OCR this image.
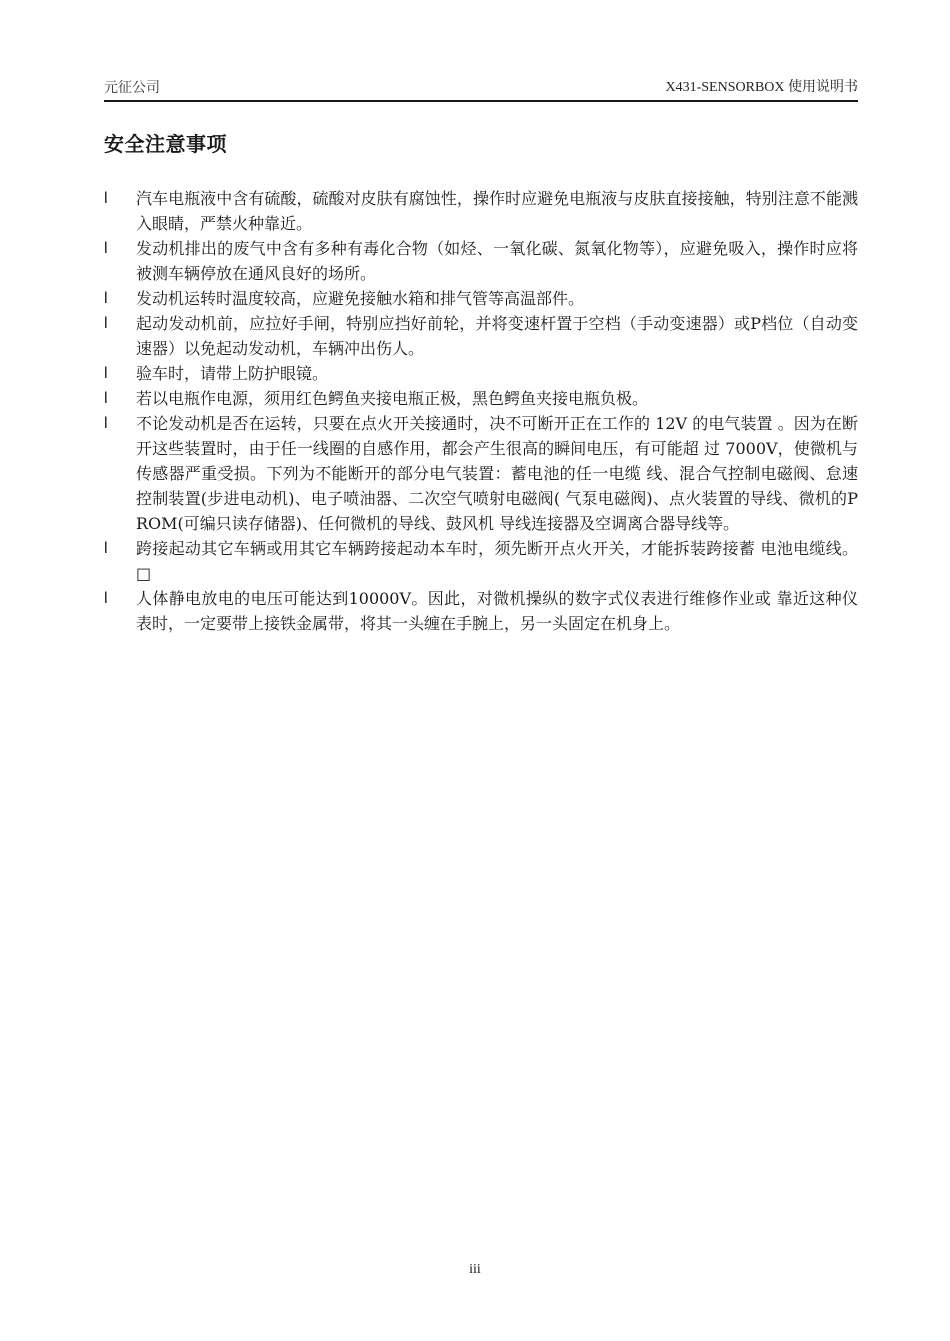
元征公司	X431-SENSORBOX 使用说明书
安全注意事项
l	汽车电瓶液中含有硫酸，硫酸对皮肤有腐蚀性，操作时应避免电瓶液与皮肤直接接触，特别注意不能溅入眼睛，严禁火种靠近。
l	发动机排出的废气中含有多种有毒化合物（如烃、一氧化碳、氮氧化物等），应避免吸入，操作时应将被测车辆停放在通风良好的场所。
l	发动机运转时温度较高，应避免接触水箱和排气管等高温部件。
l	起动发动机前，应拉好手闸，特别应挡好前轮，并将变速杆置于空档（手动变速器）或P档位（自动变速器）以免起动发动机，车辆冲出伤人。
l	验车时，请带上防护眼镜。
l	若以电瓶作电源，须用红色鳄鱼夹接电瓶正极，黑色鳄鱼夹接电瓶负极。
l	不论发动机是否在运转，只要在点火开关接通时，决不可断开正在工作的 12V 的电气装置 。因为在断开这些装置时，由于任一线圈的自感作用，都会产生很高的瞬间电压，有可能超 过 7000V，使微机与传感器严重受损。下列为不能断开的部分电气装置：蓄电池的任一电缆 线、混合气控制电磁阀、怠速控制装置(步进电动机)、电子喷油器、二次空气喷射电磁阀( 气泵电磁阀)、点火装置的导线、微机的PROM(可编只读存储器)、任何微机的导线、鼓风机 导线连接器及空调离合器导线等。
l	跨接起动其它车辆或用其它车辆跨接起动本车时，须先断开点火开关，才能拆装跨接蓄 电池电缆线。□
l	人体静电放电的电压可能达到10000V。因此，对微机操纵的数字式仪表进行维修作业或 靠近这种仪表时，一定要带上接铁金属带，将其一头缠在手腕上，另一头固定在机身上。
iii
